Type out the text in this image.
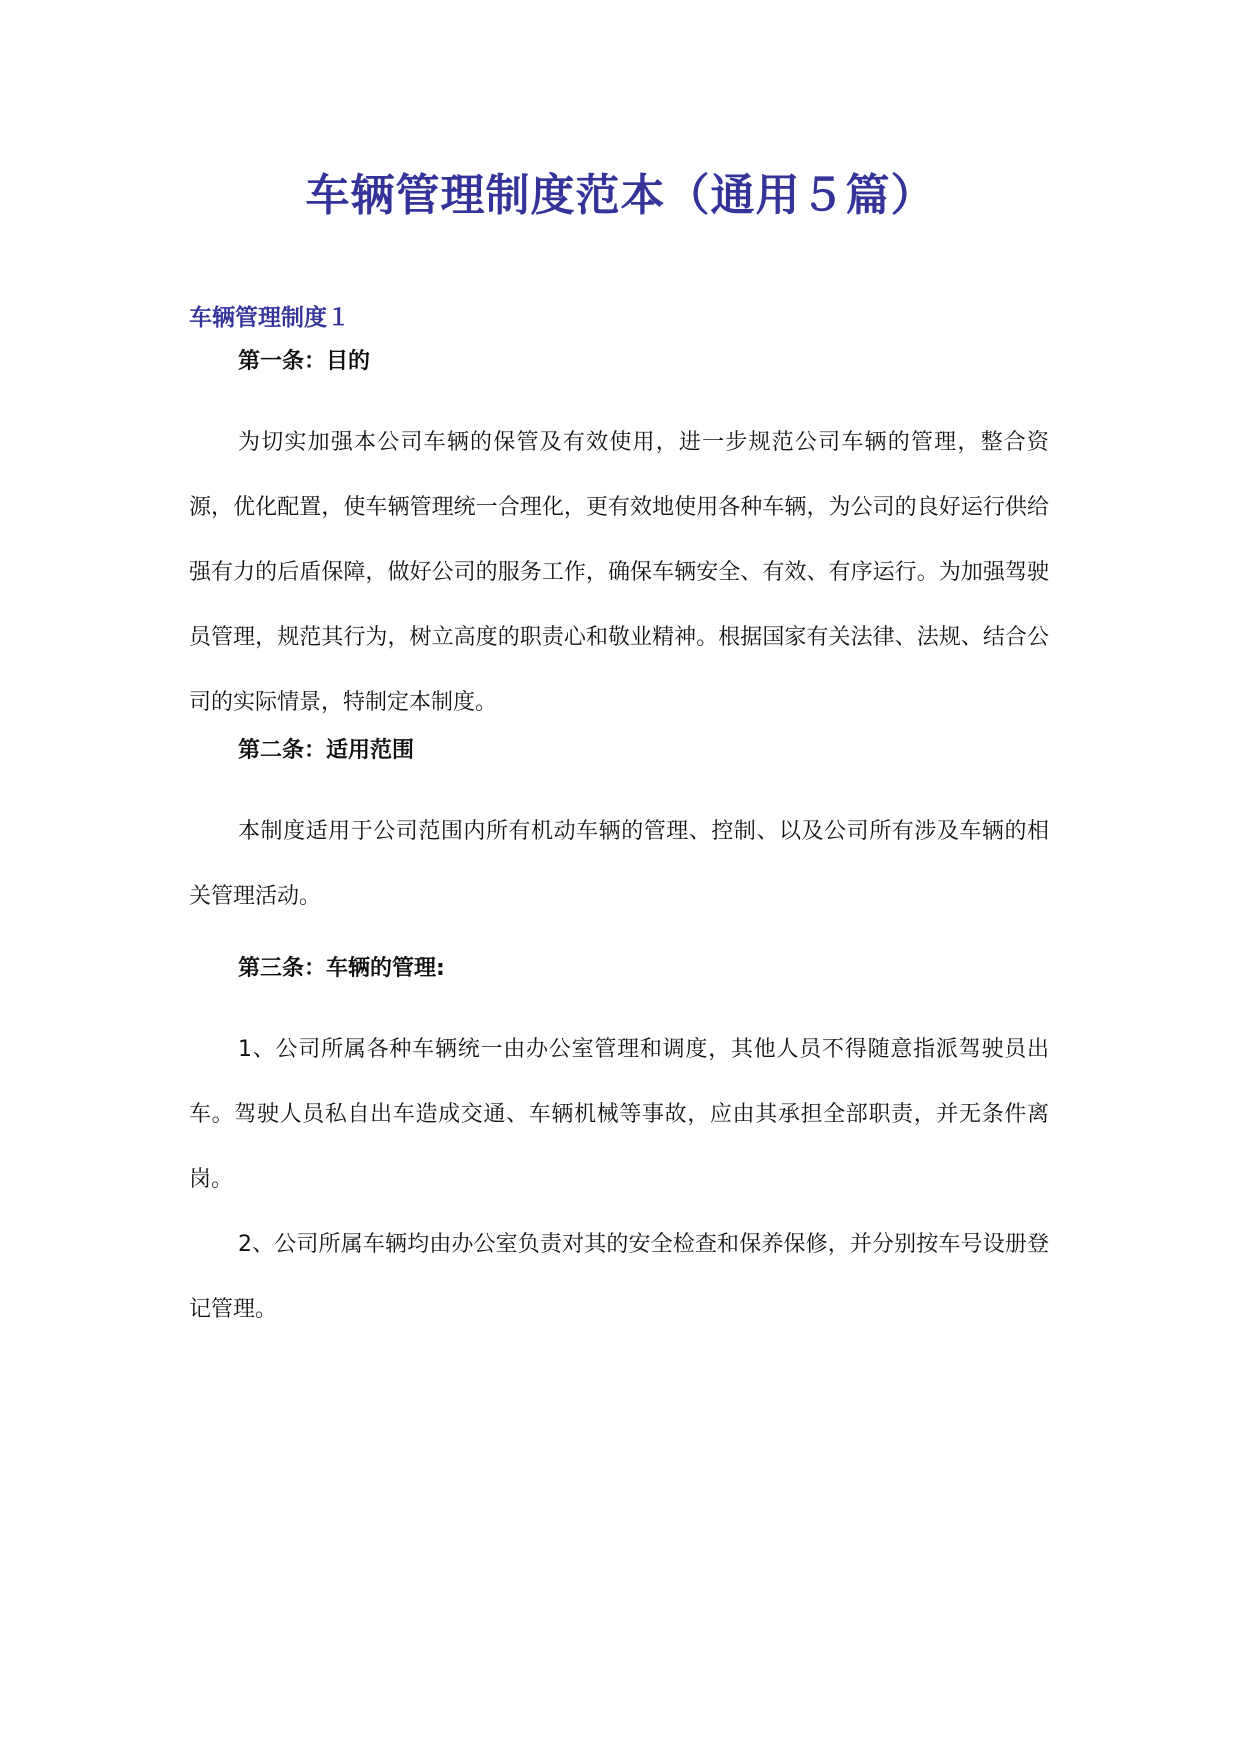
车辆管理制度范本（通用５篇）
车辆管理制度１
第一条：目的

为切实加强本公司车辆的保管及有效使用，进一步规范公司车辆的管理，整合资源，优化配置，使车辆管理统一合理化，更有效地使用各种车辆，为公司的良好运行供给强有力的后盾保障，做好公司的服务工作，确保车辆安全、有效、有序运行。为加强驾驶员管理，规范其行为，树立高度的职责心和敬业精神。根据国家有关法律、法规、结合公司的实际情景，特制定本制度。

第二条：适用范围

本制度适用于公司范围内所有机动车辆的管理、控制、以及公司所有涉及车辆的相关管理活动。

第三条：车辆的管理:

1、公司所属各种车辆统一由办公室管理和调度，其他人员不得随意指派驾驶员出车。驾驶人员私自出车造成交通、车辆机械等事故，应由其承担全部职责，并无条件离岗。

2、公司所属车辆均由办公室负责对其的安全检查和保养保修，并分别按车号设册登记管理。
